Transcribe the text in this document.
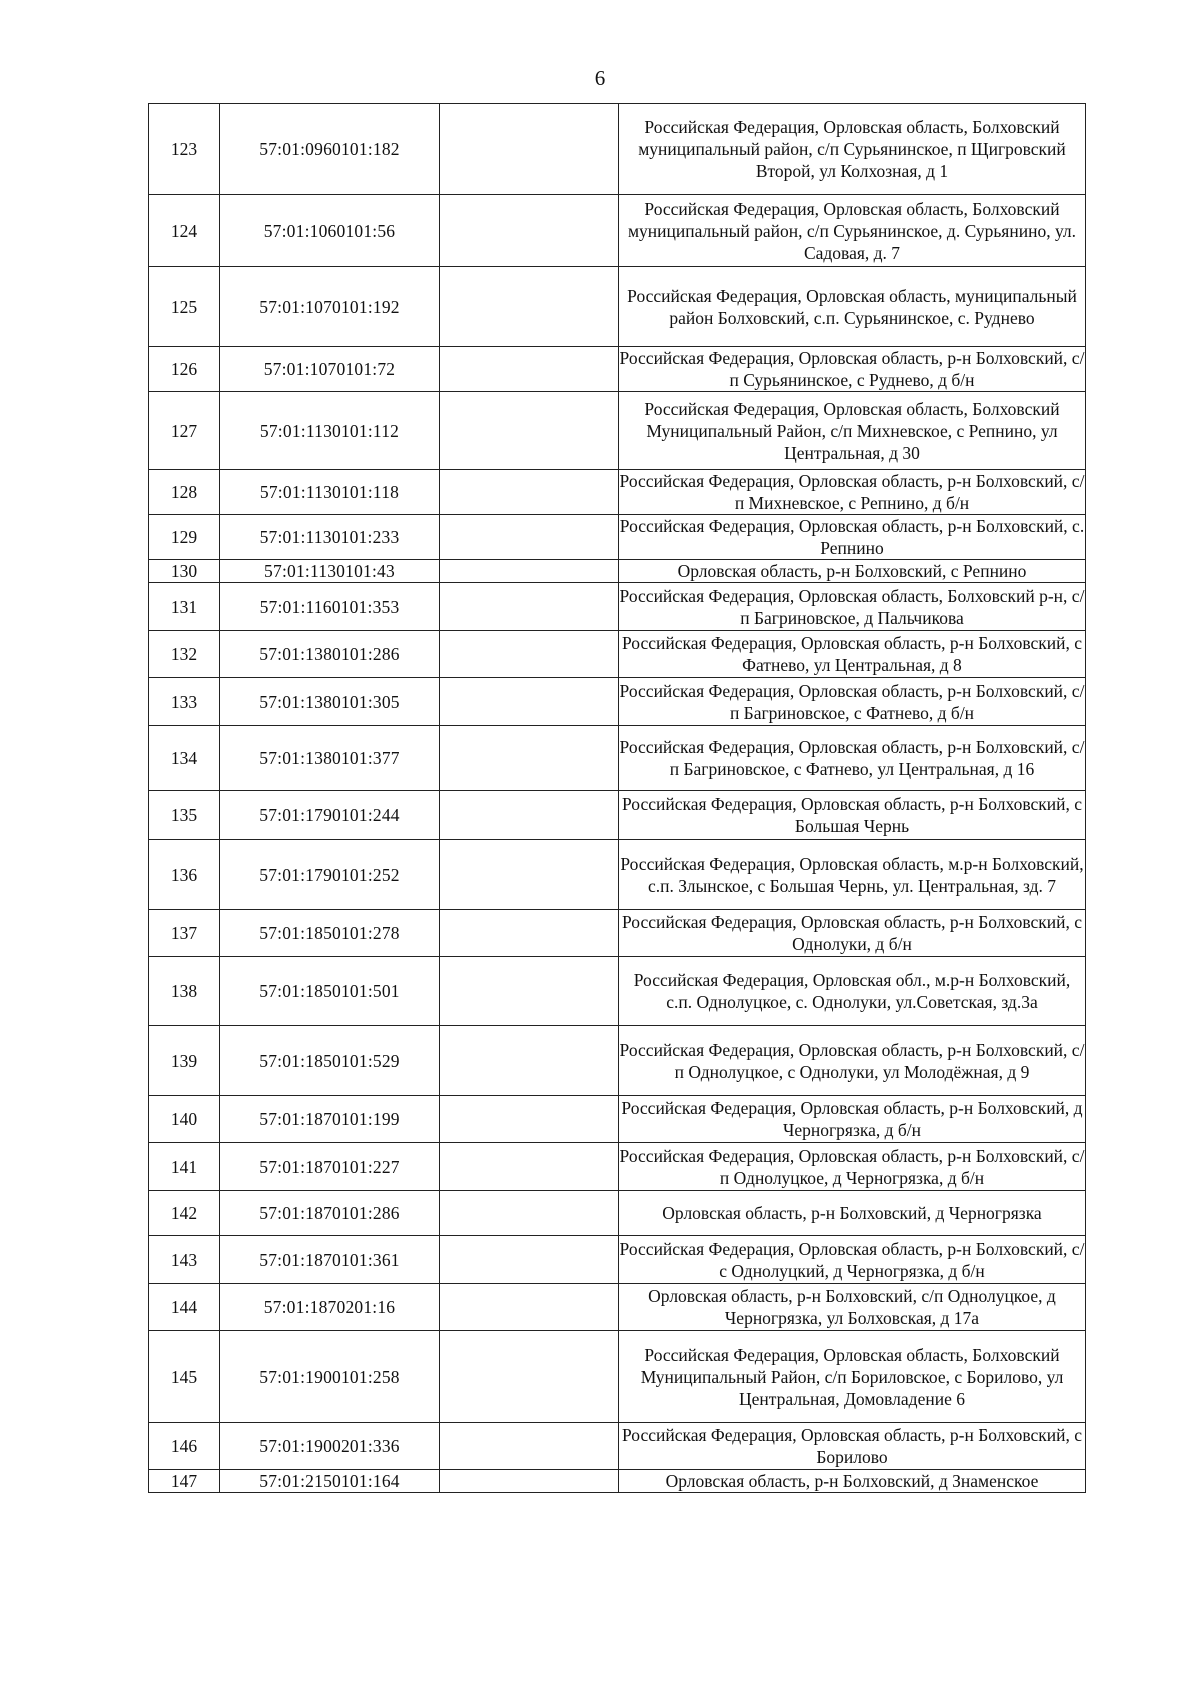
6
123	57:01:0960101:182		Российская Федерация, Орловская область, Болховский муниципальный район, с/п Сурьянинское, п Щигровский Второй, ул Колхозная, д 1
124	57:01:1060101:56		Российская Федерация, Орловская область, Болховский муниципальный район, с/п Сурьянинское, д. Сурьянино, ул. Садовая, д. 7
125	57:01:1070101:192		Российская Федерация, Орловская область, муниципальный район Болховский, с.п. Сурьянинское, с. Руднево
126	57:01:1070101:72		Российская Федерация, Орловская область, р-н Болховский, с/п Сурьянинское, с Руднево, д б/н
127	57:01:1130101:112		Российская Федерация, Орловская область, Болховский Муниципальный Район, с/п Михневское, с Репнино, ул Центральная, д 30
128	57:01:1130101:118		Российская Федерация, Орловская область, р-н Болховский, с/п Михневское, с Репнино, д б/н
129	57:01:1130101:233		Российская Федерация, Орловская область, р-н Болховский, с. Репнино
130	57:01:1130101:43		Орловская область, р-н Болховский, с Репнино
131	57:01:1160101:353		Российская Федерация, Орловская область, Болховский р-н, с/п Багриновское, д Пальчикова
132	57:01:1380101:286		Российская Федерация, Орловская область, р-н Болховский, с Фатнево, ул Центральная, д 8
133	57:01:1380101:305		Российская Федерация, Орловская область, р-н Болховский, с/п Багриновское, с Фатнево, д б/н
134	57:01:1380101:377		Российская Федерация, Орловская область, р-н Болховский, с/п Багриновское, с Фатнево, ул Центральная, д 16
135	57:01:1790101:244		Российская Федерация, Орловская область, р-н Болховский, с Большая Чернь
136	57:01:1790101:252		Российская Федерация, Орловская область, м.р-н Болховский, с.п. Злынское, с Большая Чернь, ул. Центральная, зд. 7
137	57:01:1850101:278		Российская Федерация, Орловская область, р-н Болховский, с Однолуки, д б/н
138	57:01:1850101:501		Российская Федерация, Орловская обл., м.р-н Болховский, с.п. Однолуцкое, с. Однолуки, ул.Советская, зд.3а
139	57:01:1850101:529		Российская Федерация, Орловская область, р-н Болховский, с/п Однолуцкое, с Однолуки, ул Молодёжная, д 9
140	57:01:1870101:199		Российская Федерация, Орловская область, р-н Болховский, д Черногрязка, д б/н
141	57:01:1870101:227		Российская Федерация, Орловская область, р-н Болховский, с/п Однолуцкое, д Черногрязка, д б/н
142	57:01:1870101:286		Орловская область, р-н Болховский, д Черногрязка
143	57:01:1870101:361		Российская Федерация, Орловская область, р-н Болховский, с/с Однолуцкий, д Черногрязка, д б/н
144	57:01:1870201:16		Орловская область, р-н Болховский, с/п Однолуцкое, д Черногрязка, ул Болховская, д 17а
145	57:01:1900101:258		Российская Федерация, Орловская область, Болховский Муниципальный Район, с/п Бориловское, с Борилово, ул Центральная, Домовладение 6
146	57:01:1900201:336		Российская Федерация, Орловская область, р-н Болховский, с Борилово
147	57:01:2150101:164		Орловская область, р-н Болховский, д Знаменское
